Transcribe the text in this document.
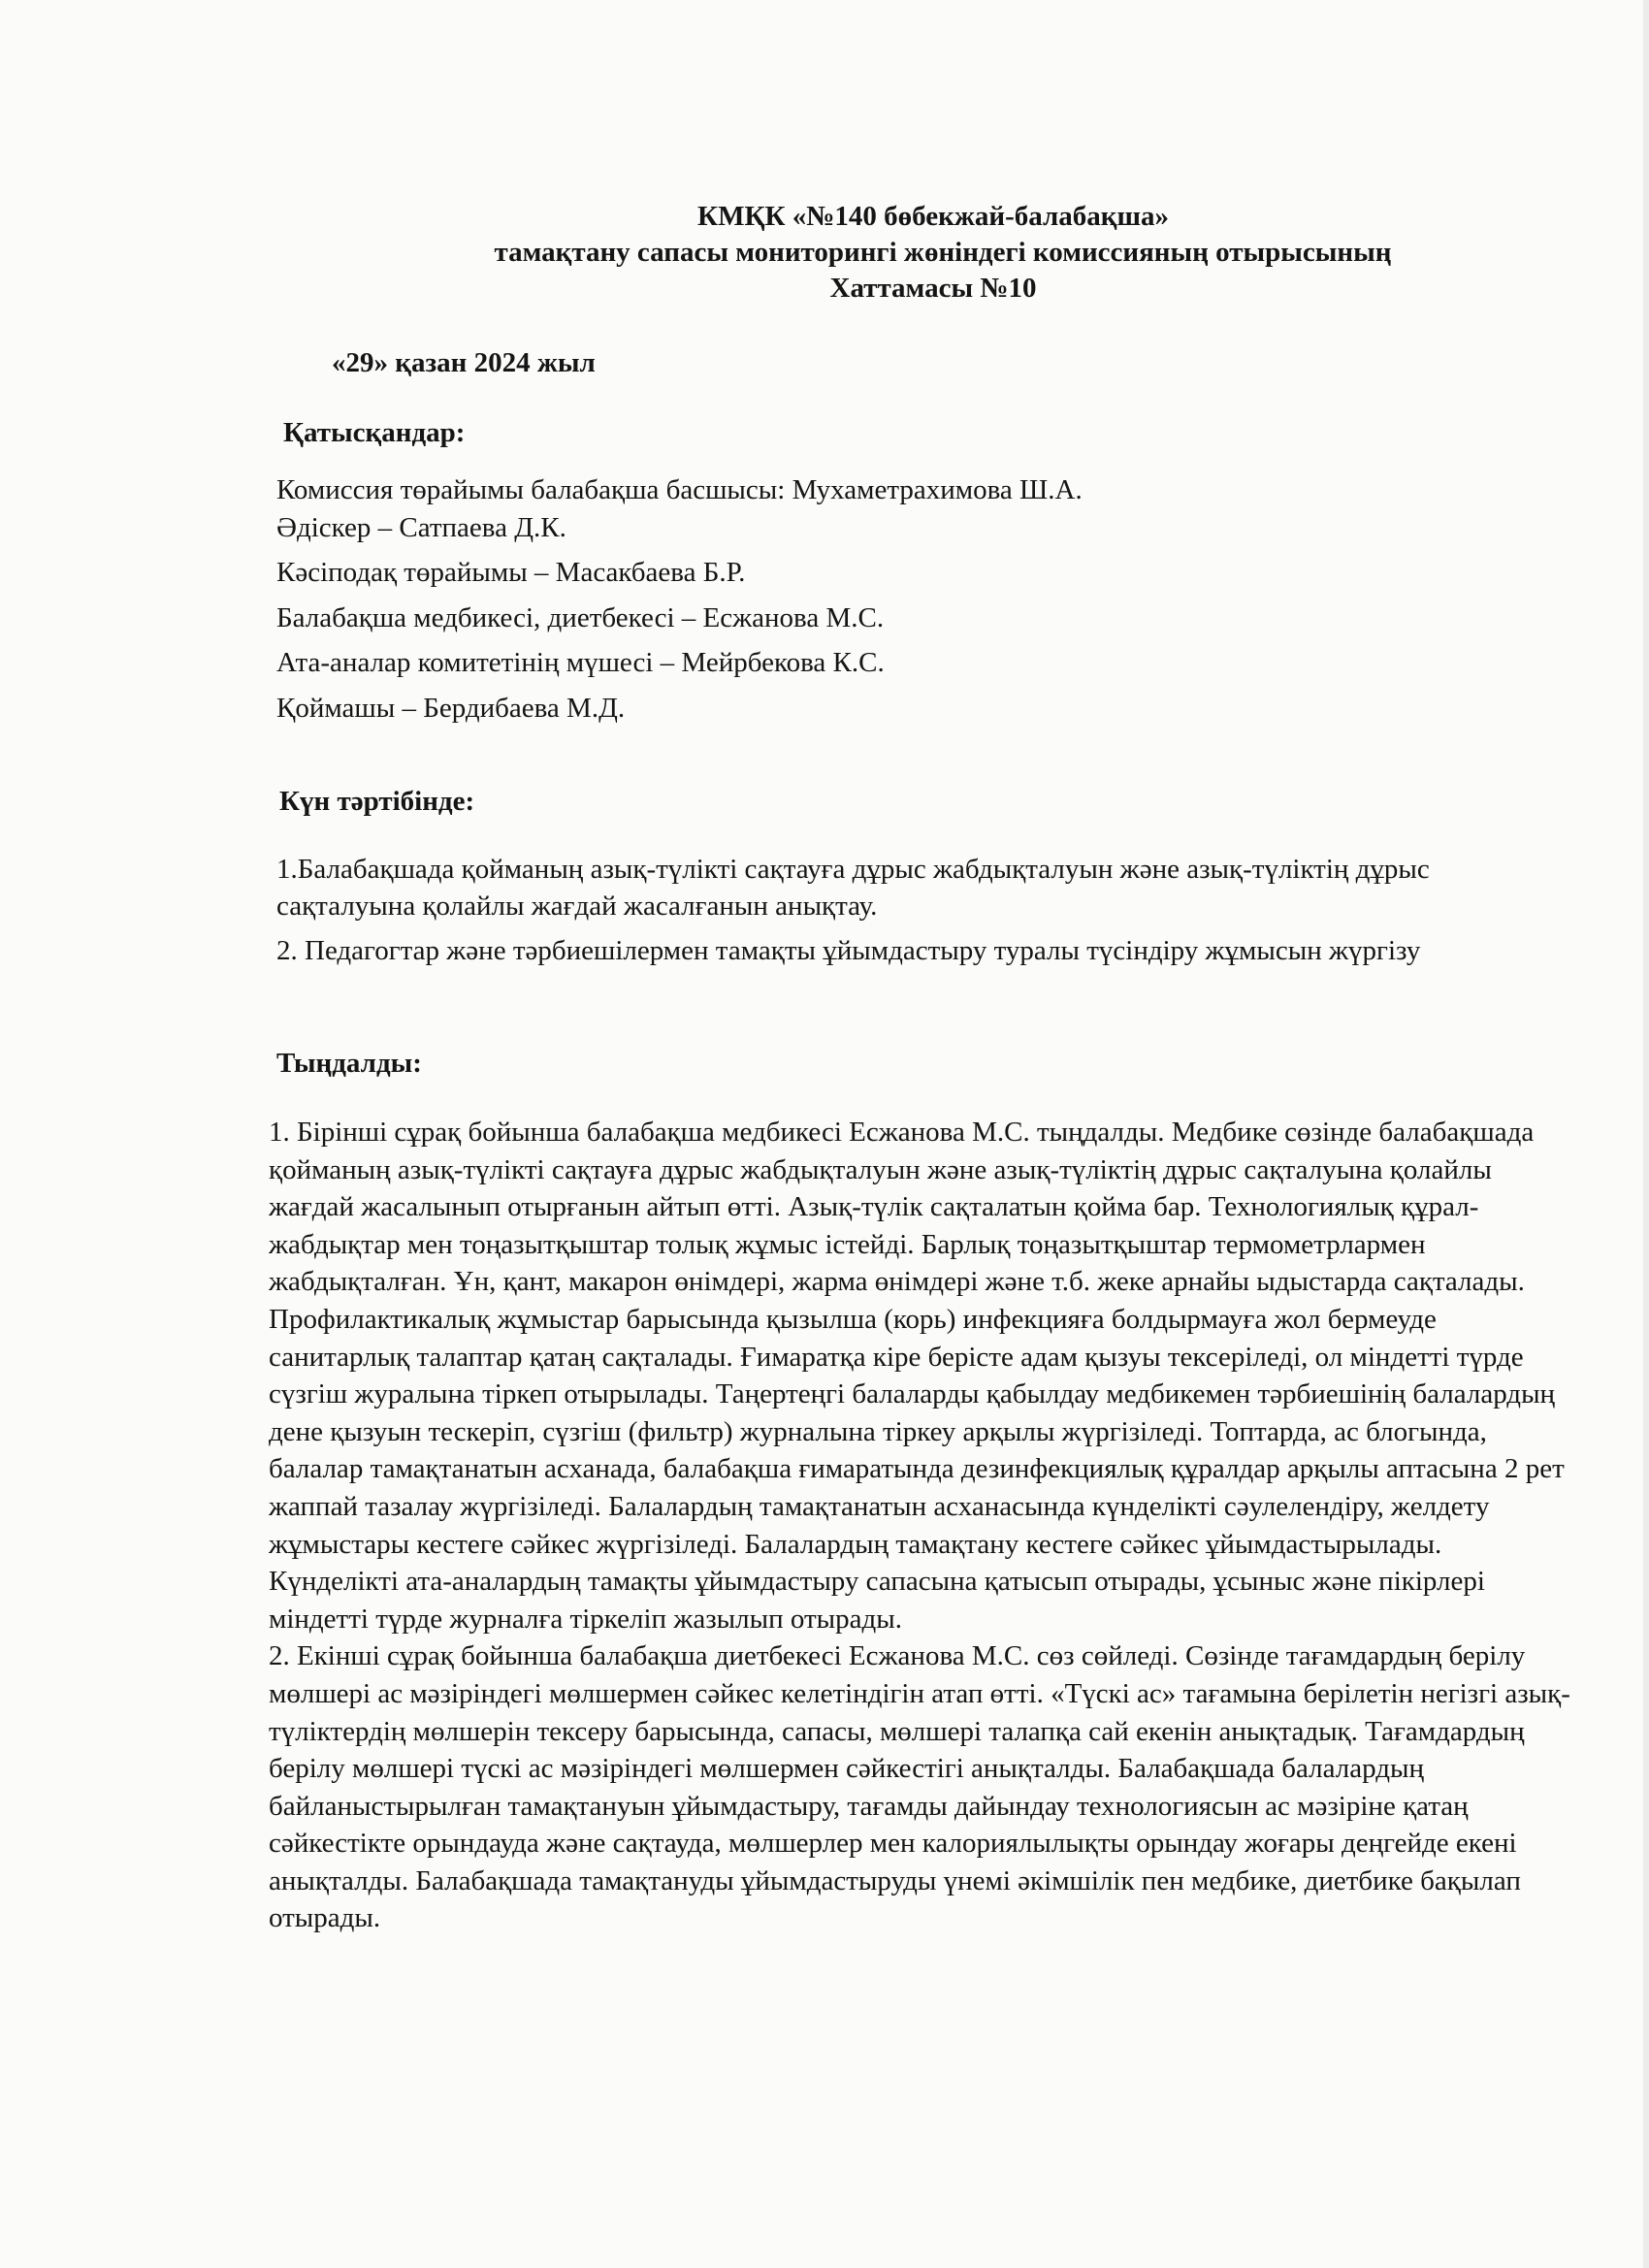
КМҚК «№140 бөбекжай-балабақша»
тамақтану сапасы мониторингі жөніндегі комиссияның отырысының
Хаттамасы №10
«29» қазан 2024 жыл
Қатысқандар:
Комиссия төрайымы балабақша басшысы: Мухаметрахимова Ш.А.
Әдіскер – Сатпаева Д.К.
Кәсіподақ төрайымы – Масакбаева Б.Р.
Балабақша медбикесі, диетбекесі – Есжанова М.С.
Ата-аналар комитетінің мүшесі – Мейрбекова К.С.
Қоймашы – Бердибаева М.Д.
Күн тәртібінде:

1.Балабақшада қойманың азық-түлікті сақтауға дұрыс жабдықталуын және азық-түліктің дұрыс сақталуына қолайлы жағдай жасалғанын анықтау.

2. Педагогтар және тәрбиешілермен тамақты ұйымдастыру туралы түсіндіру жұмысын жүргізу

Тыңдалды:

1. Бірінші сұрақ бойынша балабақша медбикесі Есжанова М.С. тыңдалды. Медбике сөзінде балабақшада қойманың азық-түлікті сақтауға дұрыс жабдықталуын және азық-түліктің дұрыс сақталуына қолайлы жағдай жасалынып отырғанын айтып өтті. Азық-түлік сақталатын қойма бар. Технологиялық құрал-жабдықтар мен тоңазытқыштар толық жұмыс істейді. Барлық тоңазытқыштар термометрлармен жабдықталған. Ұн, қант, макарон өнімдері, жарма өнімдері және т.б. жеке арнайы ыдыстарда сақталады. Профилактикалық жұмыстар барысында қызылша (корь) инфекцияға болдырмауға жол бермеуде санитарлық талаптар қатаң сақталады. Ғимаратқа кіре берісте адам қызуы тексеріледі, ол міндетті түрде сүзгіш журалына тіркеп отырылады. Таңертеңгі балаларды қабылдау медбикемен тәрбиешінің балалардың дене қызуын тескеріп, сүзгіш (фильтр) журналына тіркеу арқылы жүргізіледі. Топтарда, ас блогында, балалар тамақтанатын асханада, балабақша ғимаратында дезинфекциялық құралдар арқылы аптасына 2 рет жаппай тазалау жүргізіледі. Балалардың тамақтанатын асханасында күнделікті сәулелендіру, желдету жұмыстары кестеге сәйкес жүргізіледі. Балалардың тамақтану кестеге сәйкес ұйымдастырылады. Күнделікті ата-аналардың тамақты ұйымдастыру сапасына қатысып отырады, ұсыныс және пікірлері міндетті түрде журналға тіркеліп жазылып отырады.

2. Екінші сұрақ бойынша балабақша диетбекесі Есжанова М.С. сөз сөйледі. Сөзінде тағамдардың берілу мөлшері ас мәзіріндегі мөлшермен сәйкес келетіндігін атап өтті. «Түскі ас» тағамына берілетін негізгі азық-түліктердің мөлшерін тексеру барысында, сапасы, мөлшері талапқа сай екенін анықтадық. Тағамдардың берілу мөлшері түскі ас мәзіріндегі мөлшермен сәйкестігі анықталды. Балабақшада балалардың байланыстырылған тамақтануын ұйымдастыру, тағамды дайындау технологиясын ас мәзіріне қатаң сәйкестікте орындауда және сақтауда, мөлшерлер мен калориялылықты орындау жоғары деңгейде екені анықталды. Балабақшада тамақтануды ұйымдастыруды үнемі әкімшілік пен медбике, диетбике бақылап отырады.
